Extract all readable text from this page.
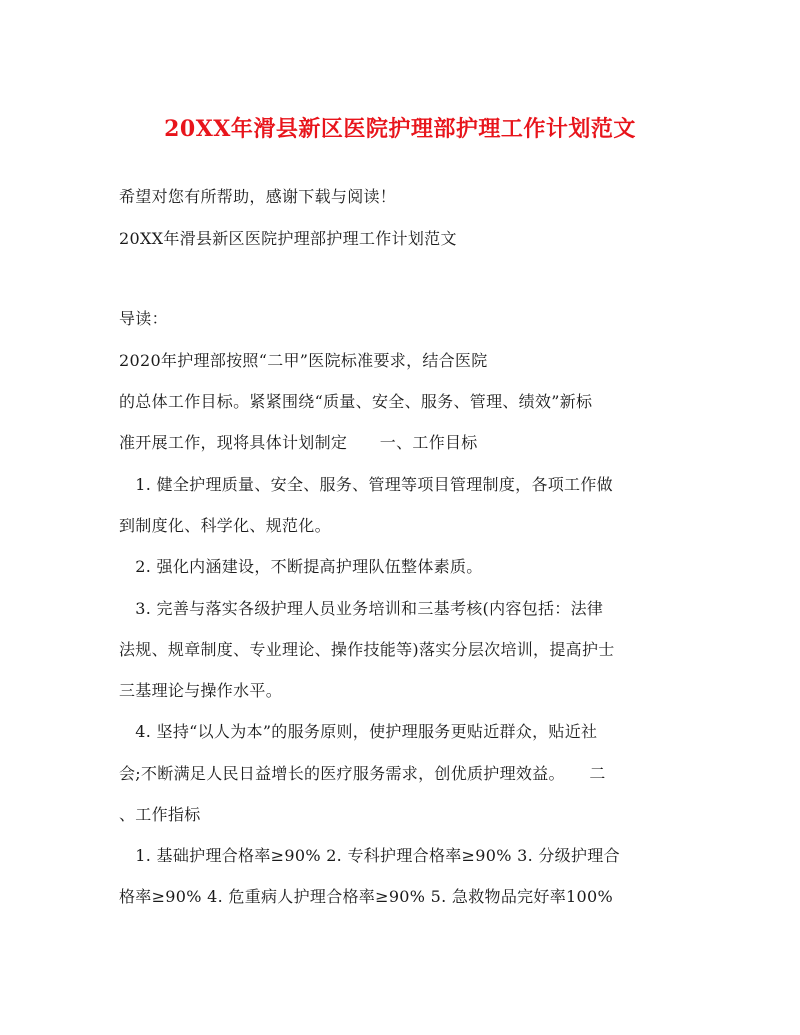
20XX年滑县新区医院护理部护理工作计划范文
希望对您有所帮助，感谢下载与阅读！
20XX年滑县新区医院护理部护理工作计划范文
导读：
2020年护理部按照“二甲”医院标准要求，结合医院
的总体工作目标。紧紧围绕“质量、安全、服务、管理、绩效”新标
准开展工作，现将具体计划制定　　一、工作目标
　1. 健全护理质量、安全、服务、管理等项目管理制度，各项工作做
到制度化、科学化、规范化。
　2. 强化内涵建设，不断提高护理队伍整体素质。
　3. 完善与落实各级护理人员业务培训和三基考核(内容包括：法律
法规、规章制度、专业理论、操作技能等)落实分层次培训，提高护士
三基理论与操作水平。
　4. 坚持“以人为本”的服务原则，使护理服务更贴近群众，贴近社
会;不断满足人民日益增长的医疗服务需求，创优质护理效益。　　二
、工作指标
　1. 基础护理合格率≥90% 2. 专科护理合格率≥90% 3. 分级护理合
格率≥90% 4. 危重病人护理合格率≥90% 5. 急救物品完好率100%
